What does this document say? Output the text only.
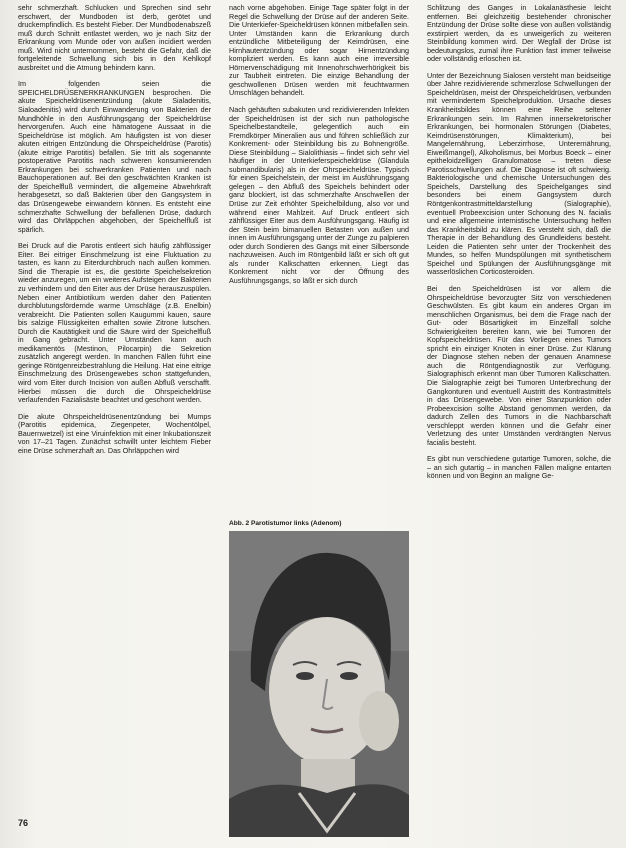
sehr schmerzhaft. Schlucken und Sprechen sind sehr erschwert, der Mundboden ist derb, gerötet und druckempfindlich. Es besteht Fieber. Der Mundbodenabszeß muß durch Schnitt entlastet werden, wo je nach Sitz der Erkrankung vom Munde oder von außen incidiert werden muß. Wird nicht unternommen, besteht die Gefahr, daß die fortgeleitende Schwellung sich bis in den Kehlkopf ausbreitet und die Atmung behindern kann.

Im folgenden seien die SPEICHELDRÜSENERKRANKUNGEN besprochen. Die akute Speicheldrüsenentzündung (akute Sialadenitis, Sialoadenitis) wird durch Einwanderung von Bakterien der Mundhöhle in den Ausführungsgang der Speicheldrüse hervorgerufen. Auch eine hämatogene Aussaat in die Speicheldrüse ist möglich. Am häufigsten ist von dieser akuten eitrigen Entzündung die Ohrspeicheldrüse (Parotis) (akute eitrige Parotitis) befallen. Sie tritt als sogenannte postoperative Parotitis nach schweren konsumierenden Erkrankungen bei schwerkranken Patienten und nach Bauchoperationen auf. Bei den geschwächten Kranken ist der Speichelfluß vermindert, die allgemeine Abwehrkraft herabgesetzt, so daß Bakterien über den Gangsystem in das Drüsengewebe einwandern können. Es entsteht eine schmerzhafte Schwellung der befallenen Drüse, dadurch wird das Ohrläppchen abgehoben, der Speichelfluß ist spärlich.

Bei Druck auf die Parotis entleert sich häufig zähflüssiger Eiter. Bei eitriger Einschmelzung ist eine Fluktuation zu tasten, es kann zu Eiterdurchbruch nach außen kommen. Sind die Therapie ist es, die gestörte Speichelsekretion wieder anzuregen, um ein weiteres Aufsteigen der Bakterien zu verhindern und den Eiter aus der Drüse herauszuspülen. Neben einer Antibiotikum werden daher den Patienten durchblutungsfördernde warme Umschläge (z.B. Enelbin) verabreicht. Die Patienten sollen Kaugummi kauen, saure bis salzige Flüssigkeiten erhalten sowie Zitrone lutschen. Durch die Kautätigkeit und die Säure wird der Speichelfluß in Gang gebracht. Unter Umständen kann auch medikamentös (Mestinon, Pilocarpin) die Sekretion zusätzlich angeregt werden. In manchen Fällen führt eine geringe Röntgenreizbestrahlung die Heilung. Hat eine eitrige Einschmelzung des Drüsengewebes schon stattgefunden, wird vom Eiter durch Incision von außen Abfluß verschafft. Hierbei müssen die durch die Ohrspeicheldrüse verlaufenden Fazialisäste beachtet und geschont werden.

Die akute Ohrspeicheldrüsenentzündung bei Mumps (Parotitis epidemica, Ziegenpeter, Wochentölpel, Bauernwetzel) ist eine Viruinfektion mit einer Inkubationszeit von 17–21 Tagen. Zunächst schwillt unter leichtem Fieber eine Drüse schmerzhaft an. Das Ohrläppchen wird

nach vorne abgehoben. Einige Tage später folgt in der Regel die Schwellung der Drüse auf der anderen Seite. Die Unterkiefer-Speicheldrüsen können mitbefallen sein. Unter Umständen kann die Erkrankung durch entzündliche Mitbeteiligung der Keimdrüsen, eine Hirnhautentzündung oder sogar Hirnentzündung kompliziert werden. Es kann auch eine irreversible Hörnervenschädigung mit Innenohrschwerhörigkeit bis zur Taubheit eintreten. Die einzige Behandlung der geschwollenen Drüsen werden mit feuchtwarmen Umschlägen behandelt.

Nach gehäuften subakuten und rezidivierenden Infekten der Speicheldrüsen ist der sich nun pathologische Speichelbestandteile, gelegentlich auch ein Fremdkörper Mineralien aus und führen schließlich zur Konkrement- oder Steinbildung bis zu Bohnengröße. Diese Steinbildung – Sialolithiasis – findet sich sehr viel häufiger in der Unterkieferspeicheldrüse (Glandula submandibularis) als in der Ohrspeicheldrüse. Typisch für einen Speichelstein, der meist im Ausführungsgang gelegen – den Abfluß des Speichels behindert oder ganz blockiert, ist das schmerzhafte Anschwellen der Drüse zur Zeit erhöhter Speichelbildung, also vor und während einer Mahlzeit. Auf Druck entleert sich zähflüssiger Eiter aus dem Ausführungsgang. Häufig ist der Stein beim bimanuellen Betasten von außen und innen im Ausführungsgang unter der Zunge zu palpieren oder durch Sondieren des Gangs mit einer Silbersonde nachzuweisen. Auch im Röntgenbild läßt er sich oft gut als runder Kalkschatten erkennen. Liegt das Konkrement nicht vor der Öffnung des Ausführungsgangs, so läßt er sich durch

Abb. 2 Parotistumor links (Adenom)

Schlitzung des Ganges in Lokalanästhesie leicht entfernen. Bei gleichzeitig bestehender chronischer Entzündung der Drüse sollte diese von außen vollständig exstirpiert werden, da es unweigerlich zu weiteren Steinbildung kommen wird. Der Wegfall der Drüse ist bedeutungslos, zumal ihre Funktion fast immer teilweise oder vollständig erloschen ist.

Unter der Bezeichnung Sialosen versteht man beidseitige über Jahre rezidivierende schmerzlose Schwellungen der Speicheldrüsen, meist der Ohrspeicheldrüsen, verbunden mit vermindertem Speichelproduktion. Ursache dieses Krankheitsbildes können eine Reihe seltener Erkrankungen sein. Im Rahmen innersekretorischer Erkrankungen, bei hormonalen Störungen (Diabetes, Keimdrüsenstörungen, Klimakterium), bei Mangelernährung, Leberzirrhose, Unterernährung, Eiweißmangel), Alkoholismus, bei Morbus Boeck – einer epitheloidzelligen Granulomatose – treten diese Parotisschwellungen auf. Die Diagnose ist oft schwierig. Bakteriologische und chemische Untersuchungen des Speichels, Darstellung des Speichelganges sind besonders bei einem Gangsystem durch Röntgenkontrastmitteldarstellung (Sialographie), eventuell Probeexcision unter Schonung des N. facialis und eine allgemeine internistische Untersuchung helfen das Krankheitsbild zu klären. Es versteht sich, daß die Therapie in der Behandlung des Grundleidens besteht. Leiden die Patienten sehr unter der Trockenheit des Mundes, so helfen Mundspülungen mit synthetischem Speichel und Spülungen der Ausführungsgänge mit wasserlöslichen Corticosteroiden.

Bei den Speicheldrüsen ist vor allem die Ohrspeicheldrüse bevorzugter Sitz von verschiedenen Geschwülsten. Es gibt kaum ein anderes Organ im menschlichen Organismus, bei dem die Frage nach der Gut- oder Bösartigkeit im Einzelfall solche Schwierigkeiten bereiten kann, wie bei Tumoren der Kopfspeicheldrüsen. Für das Vorliegen eines Tumors spricht ein einziger Knoten in einer Drüse. Zur Klärung der Diagnose stehen neben der genauen Anamnese auch die Röntgendiagnostik zur Verfügung. Sialographisch erkennt man über Tumoren Kalkschatten. Die Sialographie zeigt bei Tumoren Unterbrechung der Gangkonturen und eventuell Austritt des Kontrastmittels in das Drüsengewebe. Von einer Stanzpunktion oder Probeexcision sollte Abstand genommen werden, da dadurch Zellen des Tumors in die Nachbarschaft verschleppt werden können und die Gefahr einer Verletzung des unter Umständen verdrängten Nervus facialis besteht.

Es gibt nun verschiedene gutartige Tumoren, solche, die – an sich gutartig – in manchen Fällen maligne entarten können und von Beginn an maligne Ge-

76
